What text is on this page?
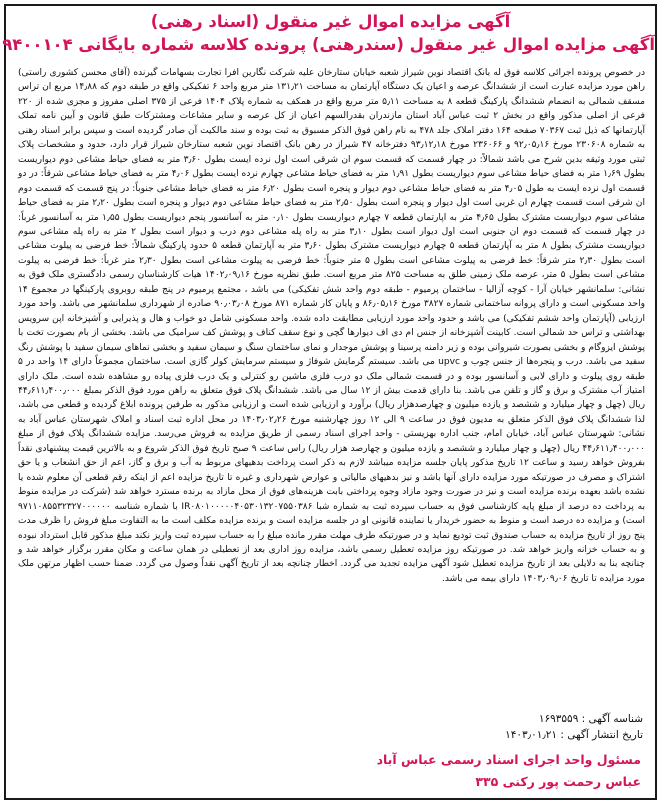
آگهی مزایده اموال غیر منقول (اسناد رهنی)
آگهی مزایده اموال غیر منقول (سندرهنی) پرونده کلاسه شماره بایگانی ۹۴۰۰۱۰۴
در خصوص پرونده اجرائی کلاسه فوق له بانک اقتصاد نوین شیراز شعبه خیابان ستارخان علیه شرکت نگارین افرا تجارت بسهامات گیرنده (آقای محسن کشوری راستی) راهن مورد مزایده عبارت است از ششدانگ عرصه و اعیان یک دستگاه آپارتمان به مساحت ۱۳۱٫۲۱ متر مربع واحد ۶ تفکیکی واقع در طبقه دوم که ۱۴٫۸۸ مربع ان تراس مسقف شمالی به انضمام ششدانگ پارکینگ قطعه ۸ به مساحت ۵٫۱۱ متر مربع واقع در همکف به شماره پلاک ۱۴۰۴ فرعی از ۳۷۵ اصلی مفروز و مجزی شده از ۲۲۰ فرعی از اصلی مذکور واقع در بخش ۲ ثبت عباس آباد استان مازندران بقدرالسهم اعیان از کل عرصه و سایر مشاعات ومشترکات طبق قانون و آیین نامه تملک آپارتمانها که ذیل ثبت ۷۰۳۶۷ صفحه ۱۶۴ دفتر املاک جلد ۴۷۸ به نام راهن فوق الذکر مسبوق به ثبت بوده و سند مالکیت آن صادر گردیده است و سپس برابر اسناد رهنی به شماره ۲۳۰۶۰۸ مورخ ۹۲٫۰۵٫۱۶ و ۲۳۶۰۶۶ مورخ ۹۳٫۱۲٫۱۸ دفترخانه ۴۷ شیراز در رهن بانک اقتصاد نوین شعبه ستارخان شیراز قرار دارد، حدود و مشخصات پلاک ثبتی مورد وثیقه بدین شرح می باشد شمالاً: در چهار قسمت که قسمت سوم ان شرقی است اول نرده ایست بطول ۳٫۶۰ متر به فضای حیاط مشاعی دوم دیواریست بطول ۱٫۶۹ متر به فضای حیاط مشاعی سوم دیواریست بطول ۱٫۹۱ متر به فضای حیاط مشاعی چهارم نرده ایست بطول ۴٫۰۶ متر به فضای حیاط مشاعی شرقاً: در دو قسمت اول نرده ایست به طول ۴٫۰۵ متر به فضای حیاط مشاعی دوم دیوار و پنجره است بطول ۶٫۲۰ متر به فضای حیاط مشاعی جنوباً: در پنج قسمت که قسمت دوم ان شرقی است قسمت چهارم ان غربی است اول دیوار و پنجره است بطول ۲٫۵۰ متر به فضای حیاط مشاعی دوم دیوار و پنجره است بطول ۲٫۲۰ متر به فضای حیاط مشاعی سوم دیواریست مشترک بطول ۴٫۶۵ متر به اپارتمان قطعه ۷ چهارم دیواریست بطول ۰٫۱۰ متر به آسانسور پنجم دیواریست بطول ۱٫۵۵ متر به آسانسور غرباً: در چهار قسمت که قسمت دوم ان جنوبی است اول دیوار است بطول ۳٫۱۰ متر به راه پله مشاعی دوم درب و دیوار است بطول ۲ متر به راه پله مشاعی سوم دیواریست مشترک بطول ۸ متر به آپارتمان قطعه ۵ چهارم دیواریست مشترک بطول ۳٫۶۰ متر به آپارتمان قطعه ۵ حدود پارکینگ شمالاً: خط فرضی به پیلوت مشاعی است بطول ۲٫۳۰ متر شرقاً: خط فرضی به پیلوت مشاعی است بطول ۵ متر جنوباً: خط فرضی به پیلوت مشاعی است بطول ۲٫۳۰ متر غرباً: خط فرضی به پیلوت مشاعی است بطول ۵ متر، عرصه ملک زمینی طلق به مساحت ۸۲۵ متر مربع است. طبق نظریه مورخ ۱۴۰۲٫۰۹٫۱۶ هیات کارشناسان رسمی دادگستری ملک فوق به نشانی: سلمانشهر خیابان آرا - کوچه آزالیا - ساختمان پرمیوم - طبقه دوم واحد شش تفکیکی) می باشد ، مجتمع پرمیوم در پنج طبقه روبروی پارکینگها در مجموع ۱۴ واحد مسکونی است و دارای پروانه ساختمانی شماره ۳۸۲۷ مورخ ۸۶٫۰۵٫۱۶ و پایان کار شماره ۸۷۱ مورخ ۹۰٫۰۳٫۰۸ صادره از شهرداری سلمانشهر می باشد. واحد مورد ارزیابی (آپارتمان واحد ششم تفکیکی) می باشد و حدود واحد مورد ارزیابی مطابقت داده شده. واحد مسکونی شامل دو خواب و هال و پذیرایی و آشپزخانه اپن سرویس بهداشتی و تراس حد شمالی است. کابینت آشپزخانه از جنس ام دی اف دیوارها گچی و نوع سقف کناف و پوشش کف سرامیک می باشد. بخشی از بام بصورت تخت با پوشش ایزوگام و بخشی بصورت شیروانی بوده و زیر دامنه پرسینا و پوشش موجدار و نمای ساختمان سنگ و سیمان سفید و بخشی نماهای سیمان سفید با پوشش رنگ سفید می باشد. درب و پنجره‌ها از جنس چوب و upvc می باشد. سیستم گرمایش شوفاژ و سیستم سرمایش کولر گازی است. ساختمان مجموعاً دارای ۱۴ واحد در ۵ طبقه روی پیلوت و دارای لابی و آسانسور بوده و در قسمت شمالی ملک دو درب فلزی ماشین رو کنترلی و یک درب فلزی پیاده رو مشاهده شده است. ملک دارای امتیاز آب مشترک و برق و گاز و تلفن می باشد. بنا دارای قدمت بیش از ۱۲ سال می باشد. ششدانگ پلاک فوق متعلق به راهن مورد فوق الذکر بمبلغ ۴۴٫۶۱۱٫۴۰۰٫۰۰۰ ریال (چهل و چهار میلیارد و ششصد و یازده میلیون و چهارصدهزار ریال) برآورد و ارزیابی شده است و ارزیابی مذکور به طرفین پرونده ابلاغ گردیده و قطعی می باشد، لذا ششدانگ پلاک فوق الذکر متعلق به مدیون فوق در ساعت ۹ الی ۱۲ روز چهارشنبه مورخ ۱۴۰۳٫۰۲٫۲۶ در محل اداره ثبت اسناد و املاک شهرستان عباس آباد به نشانی: شهرستان عباس آباد، خیابان امام، جنب اداره بهزیستی - واحد اجرای اسناد رسمی از طریق مزایده به فروش می‌رسد. مزایده ششدانگ پلاک فوق از مبلغ ۴۴٫۶۱۱٫۴۰۰٫۰۰۰ ریال (چهل و چهار میلیارد و ششصد و یازده میلیون و چهارصد هزار ریال) راس ساعت ۹ صبح تاریخ فوق الذکر شروع و به بالاترین قیمت پیشنهادی نقداً بفروش خواهد رسید و ساعت ۱۲ تاریخ مذکور پایان جلسه مزایده میباشد لازم به ذکر است پرداخت بدهیهای مربوط به آب و برق و گاز، اعم از حق انشعاب و یا حق اشتراک و مصرف در صورتیکه مورد مزایده دارای آنها باشد و نیز بدهیهای مالیاتی و عوارض شهرداری و غیره تا تاریخ مزایده اعم از اینکه رقم قطعی آن معلوم شده یا نشده باشد بعهده برنده مزایده است و نیز در صورت وجود مازاد وجوه پرداختی بابت هزینه‌های فوق از محل مازاد به برنده مسترد خواهد شد (شرکت در مزایده منوط به پرداخت ده درصد از مبلغ پایه کارشناسی فوق به حساب سپرده ثبت به شماره شبا IR۰۸۰۱۰۰۰۰۰۴۰۵۳۰۱۳۲۰۷۵۵۰۳۸۶ با شماره شناسه ۹۷۱۱۰۸۵۵۳۲۳۲۷۰۰۰۰۰۰ است) و مزایده ده درصد است و منوط به حضور خریدار یا نماینده قانونی او در جلسه مزایده است و برنده مزایده مکلف است ما به التفاوت مبلغ فروش را ظرف مدت پنج روز از تاریخ مزایده به حساب صندوق ثبت تودیع نماید و در صورتیکه طرف مهلت مقرر مانده مبلغ را به حساب سپرده ثبت واریز نکند مبلغ مذکور قابل استرداد نبوده و به حساب خزانه واریز خواهد شد. در صورتیکه روز مزایده تعطیل رسمی باشد، مزایده روز اداری بعد از تعطیلی در همان ساعت و مکان مقرر برگزار خواهد شد و چنانچه بنا به دلایلی بعد از تاریخ مزایده تعطیل شود آگهی مزایده تجدید می گردد. اخطار چنانچه بعد از تاریخ آگهی نقداً وصول می گردد. ضمنا حسب اظهار مرتهن ملک مورد مزایده تا تاریخ ۱۴۰۳٫۰۹٫۰۶ دارای بیمه می باشد.
شناسه آگهی : ۱۶۹۳۵۵۹
تاریخ انتشار آگهی : ۱۴۰۳٫۰۱٫۲۱
مسئول واحد اجرای اسناد رسمی عباس آباد
عباس رحمت پور رکنی ۳۳۵
